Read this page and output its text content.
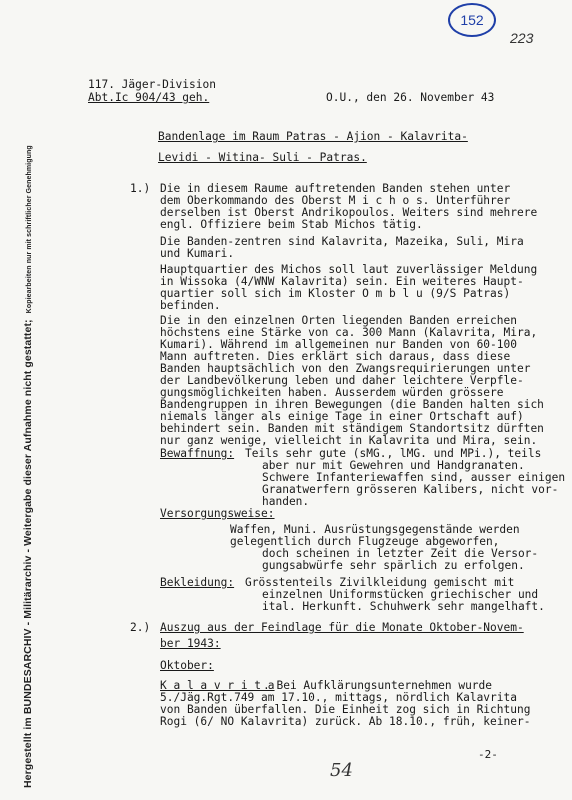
Hergestellt im BUNDESARCHIV - Militärarchiv - Weitergabe dieser Aufnahme nicht gestattet;Kopiearbeiten nur mit schriftlicher Genehmigung
152
223
117. Jäger-Division
Abt.Ic 904/43 geh.	O.U., den 26. November 43
Bandenlage im Raum Patras - Ajion - Kalavrita-
Levidi - Witina- Suli - Patras.
1.) Die in diesem Raume auftretenden Banden stehen unter
dem Oberkommando des Oberst M i c h o s. Unterführer
derselben ist Oberst Andrikopoulos. Weiters sind mehrere
engl. Offiziere beim Stab Michos tätig.
Die Banden-zentren sind Kalavrita, Mazeika, Suli, Mira
und Kumari.
Hauptquartier des Michos soll laut zuverlässiger Meldung
in Wissoka (4/WNW Kalavrita) sein. Ein weiteres Haupt-
quartier soll sich im Kloster O m b l u (9/S Patras)
befinden.
Die in den einzelnen Orten liegenden Banden erreichen
höchstens eine Stärke von ca. 300 Mann (Kalavrita, Mira,
Kumari). Während im allgemeinen nur Banden von 60-100
Mann auftreten. Dies erklärt sich daraus, dass diese
Banden hauptsächlich von den Zwangsrequirierungen unter
der Landbevölkerung leben und daher leichtere Verpfle-
gungsmöglichkeiten haben. Ausserdem würden grössere
Bandengruppen in ihren Bewegungen (die Banden halten sich
niemals länger als einige Tage in einer Ortschaft auf)
behindert sein. Banden mit ständigem Standortsitz dürften
nur ganz wenige, vielleicht in Kalavrita und Mira, sein.
Bewaffnung: Teils sehr gute (sMG., lMG. und MPi.), teils
aber nur mit Gewehren und Handgranaten.
Schwere Infanteriewaffen sind, ausser einigen
Granatwerfern grösseren Kalibers, nicht vor-
handen.
Versorgungsweise:
Waffen, Muni. Ausrüstungsgegenstände werden
gelegentlich durch Flugzeuge abgeworfen,
doch scheinen in letzter Zeit die Versor-
gungsabwürfe sehr spärlich zu erfolgen.
Bekleidung: Grösstenteils Zivilkleidung gemischt mit
einzelnen Uniformstücken griechischer und
ital. Herkunft. Schuhwerk sehr mangelhaft.
2.) Auszug aus der Feindlage für die Monate Oktober-Novem-
ber 1943:
Oktober:
K a l a v r i t a
. Bei Aufklärungsunternehmen wurde
5./Jäg.Rgt.749 am 17.10., mittags, nördlich Kalavrita
von Banden überfallen. Die Einheit zog sich in Richtung
Rogi (6/ NO Kalavrita) zurück. Ab 18.10., früh, keiner-
-2-
54
